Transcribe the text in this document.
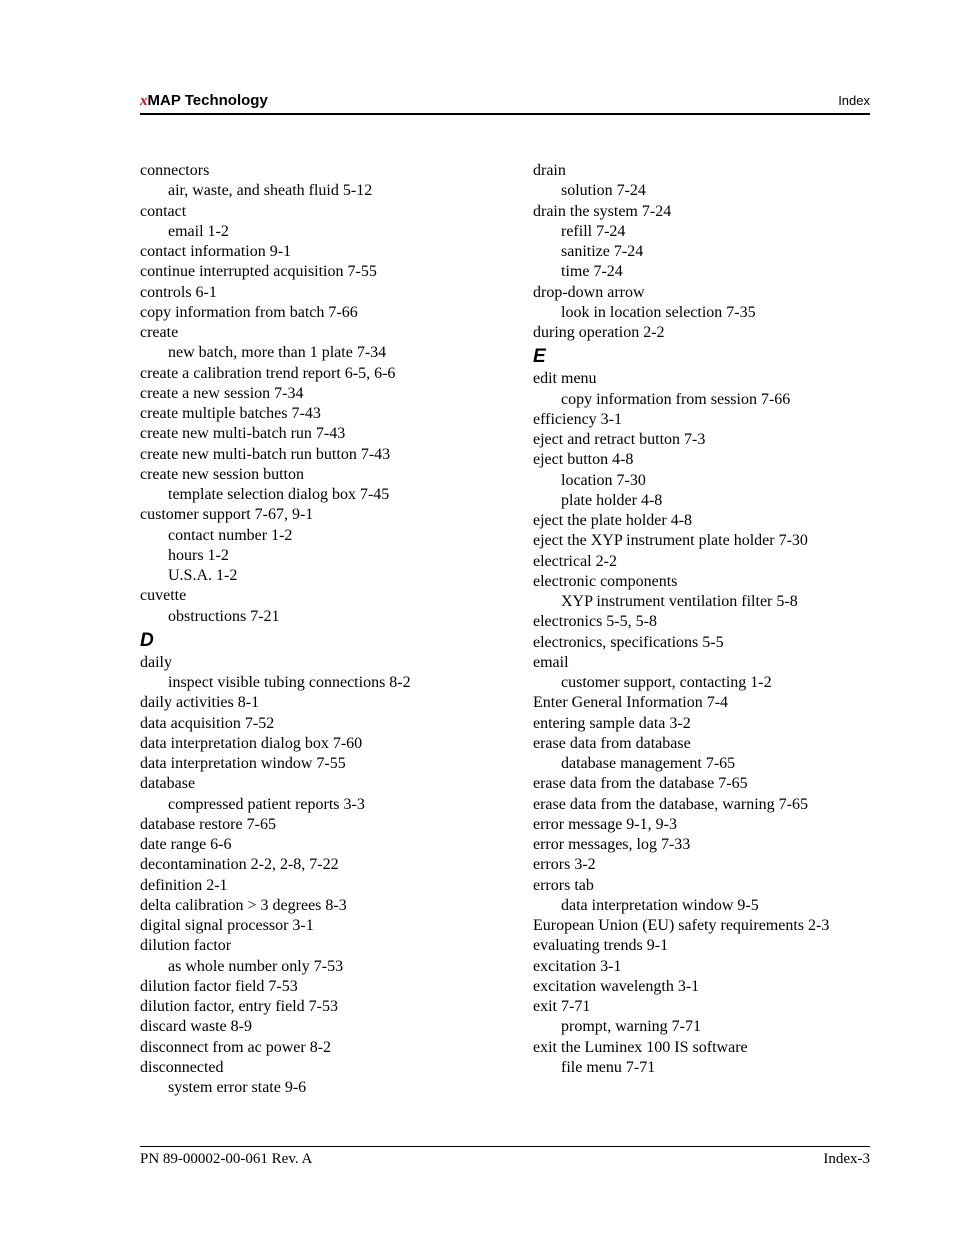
xMAP Technology	Index
connectors
air, waste, and sheath fluid 5-12
contact
email 1-2
contact information 9-1
continue interrupted acquisition 7-55
controls 6-1
copy information from batch 7-66
create
new batch, more than 1 plate 7-34
create a calibration trend report 6-5, 6-6
create a new session 7-34
create multiple batches 7-43
create new multi-batch run 7-43
create new multi-batch run button 7-43
create new session button
template selection dialog box 7-45
customer support 7-67, 9-1
contact number 1-2
hours 1-2
U.S.A. 1-2
cuvette
obstructions 7-21
D
daily
inspect visible tubing connections 8-2
daily activities 8-1
data acquisition 7-52
data interpretation dialog box 7-60
data interpretation window 7-55
database
compressed patient reports 3-3
database restore 7-65
date range 6-6
decontamination 2-2, 2-8, 7-22
definition 2-1
delta calibration > 3 degrees 8-3
digital signal processor 3-1
dilution factor
as whole number only 7-53
dilution factor field 7-53
dilution factor, entry field 7-53
discard waste 8-9
disconnect from ac power 8-2
disconnected
system error state 9-6
drain
solution 7-24
drain the system 7-24
refill 7-24
sanitize 7-24
time 7-24
drop-down arrow
look in location selection 7-35
during operation 2-2
E
edit menu
copy information from session 7-66
efficiency 3-1
eject and retract button 7-3
eject button 4-8
location 7-30
plate holder 4-8
eject the plate holder 4-8
eject the XYP instrument plate holder 7-30
electrical 2-2
electronic components
XYP instrument ventilation filter 5-8
electronics 5-5, 5-8
electronics, specifications 5-5
email
customer support, contacting 1-2
Enter General Information 7-4
entering sample data 3-2
erase data from database
database management 7-65
erase data from the database 7-65
erase data from the database, warning 7-65
error message 9-1, 9-3
error messages, log 7-33
errors 3-2
errors tab
data interpretation window 9-5
European Union (EU) safety requirements 2-3
evaluating trends 9-1
excitation 3-1
excitation wavelength 3-1
exit 7-71
prompt, warning 7-71
exit the Luminex 100 IS software
file menu 7-71
PN 89-00002-00-061 Rev. A	Index-3
